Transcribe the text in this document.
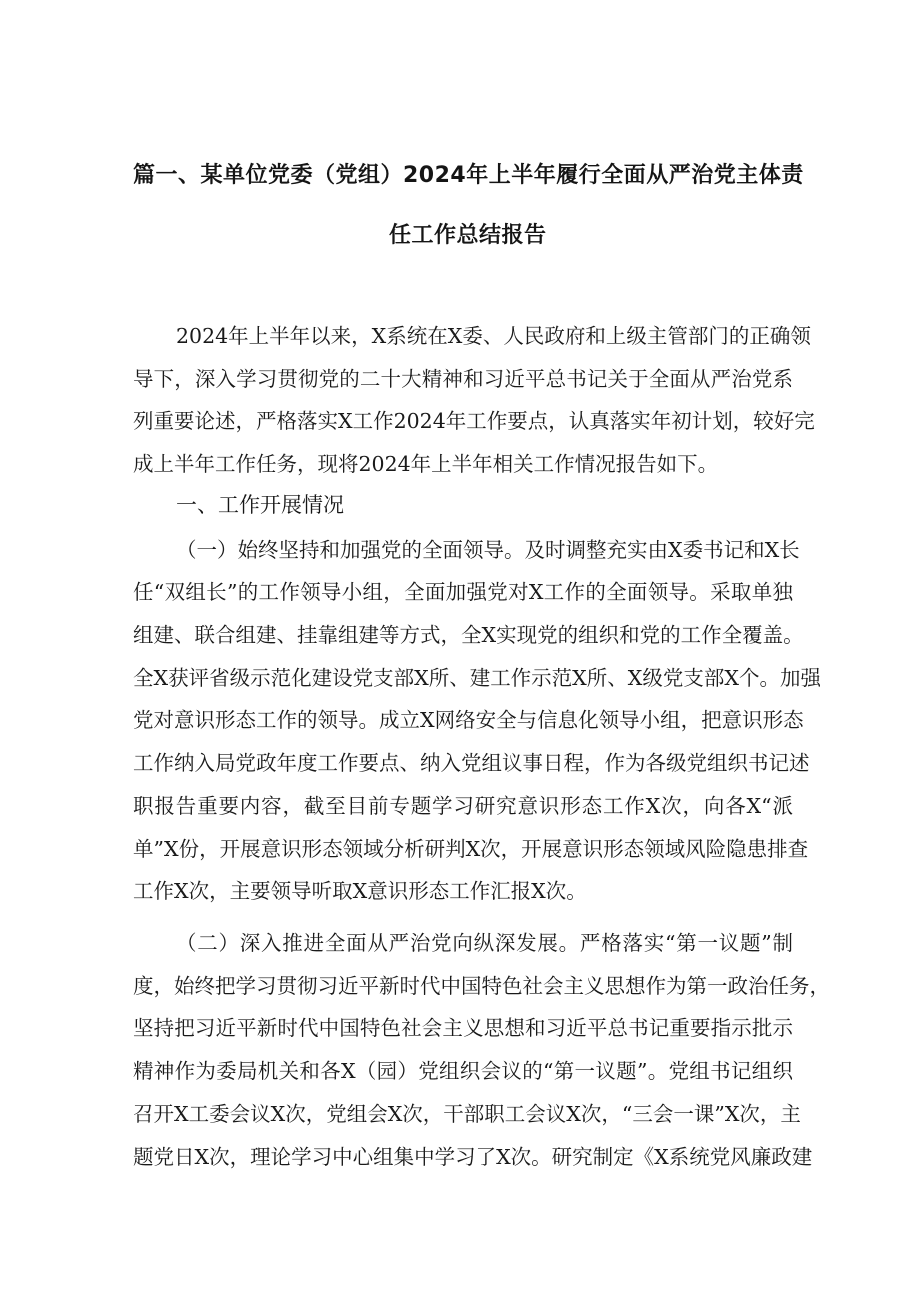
篇一、某单位党委（党组）2024年上半年履行全面从严治党主体责
任工作总结报告
2024年上半年以来，X系统在X委、人民政府和上级主管部门的正确领
导下，深入学习贯彻党的二十大精神和习近平总书记关于全面从严治党系
列重要论述，严格落实X工作2024年工作要点，认真落实年初计划，较好完
成上半年工作任务，现将2024年上半年相关工作情况报告如下。
一、工作开展情况
（一）始终坚持和加强党的全面领导。及时调整充实由X委书记和X长
任“双组长”的工作领导小组，全面加强党对X工作的全面领导。采取单独
组建、联合组建、挂靠组建等方式，全X实现党的组织和党的工作全覆盖。
全X获评省级示范化建设党支部X所、建工作示范X所、X级党支部X个。加强
党对意识形态工作的领导。成立X网络安全与信息化领导小组，把意识形态
工作纳入局党政年度工作要点、纳入党组议事日程，作为各级党组织书记述
职报告重要内容，截至目前专题学习研究意识形态工作X次，向各X“派
单”X份，开展意识形态领域分析研判X次，开展意识形态领域风险隐患排查
工作X次，主要领导听取X意识形态工作汇报X次。
（二）深入推进全面从严治党向纵深发展。严格落实“第一议题”制
度，始终把学习贯彻习近平新时代中国特色社会主义思想作为第一政治任务，
坚持把习近平新时代中国特色社会主义思想和习近平总书记重要指示批示
精神作为委局机关和各X（园）党组织会议的“第一议题”。党组书记组织
召开X工委会议X次，党组会X次，干部职工会议X次，“三会一课”X次，主
题党日X次，理论学习中心组集中学习了X次。研究制定《X系统党风廉政建
